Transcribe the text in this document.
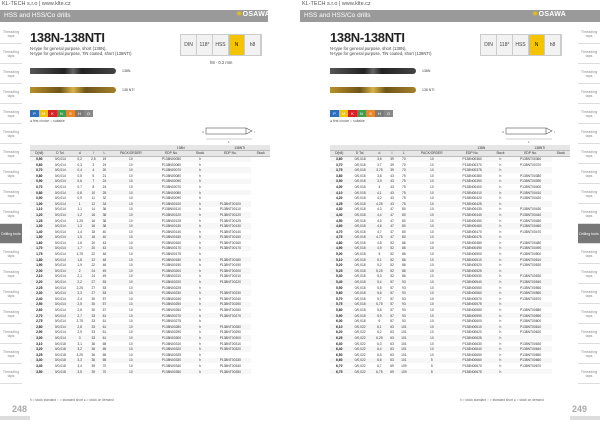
KL-TECH s.r.o | www.klte.cz
HSS and HSS/Co drills	☀OSAWA
Threading taps
Threading taps
Threading taps
Threading taps
Threading taps
Threading taps
Threading taps
Threading taps
Threading taps
Threading taps
Drilling tools
Threading taps
Threading taps
Threading taps
Threading taps
Threading taps
Threading taps
Threading taps
138N-138NTI
N-type for general purpose, short (138N),
N-type for general purpose, TiN coated, short (138NTI)
DIN	118°	HSS	N	h8
h8 · 0.2 mm
138N
138 NTI
P	M	K	N	S	H	O
● first choice ○ suitable
d
L
l
						138N		138NTI	
D(h8)	D Tol.	d	l	L	PACK/ORDER	EDP No.	Stock	EDP No.	Stock
0,50	0/0,014	0,2	2,5	19	10	P138N00050	h		
0,60	0/0,014	0,3	3	19	10	P138N00060	h		
0,70	0/0,014	0,4	4	20	10	P138N00070	h		
0,80	0/0,014	0,5	5	21	10	P138N00080	h		
0,90	0/0,014	0,6	7	24	10	P138N00090	h		
0,70	0/0,014	0,7	8	24	10	P138N00070	h		
0,80	0/0,014	0,8	10	25	10	P138N00080	h		
0,90	0/0,014	0,9	11	32	10	P138N00090	h		
1,00	0/0,014	1	12	34	10	P138N00100	h	P138NT00100	
1,10	0/0,014	1,1	14	36	10	P138N00110	h	P138NT00110	
1,20	0/0,014	1,2	16	38	10	P138N00120	h	P138NT00120	
1,25	0/0,014	1,25	16	38	10	P138N00125	h	P138NT00125	
1,30	0/0,014	1,3	16	38	10	P138N00130	h	P138NT00130	
1,40	0/0,014	1,4	18	40	10	P138N00140	h	P138NT00140	
1,50	0/0,014	1,5	18	40	10	P138N00150	h	P138NT00150	
1,60	0/0,014	1,6	20	43	10	P138N00160	h	P138NT00160	
1,70	0/0,014	1,7	20	43	10	P138N00170	h	P138NT00170	
1,75	0/0,014	1,75	22	46	10	P138N00175	h		
1,80	0/0,014	1,8	22	46	10	P138N00180	h	P138NT00180	
1,90	0/0,014	1,9	22	46	10	P138N00190	h	P138NT00190	
2,00	0/0,014	2	24	49	10	P138N00200	h	P138NT00200	
2,10	0/0,014	2,1	24	49	10	P138N00210	h	P138NT00210	
2,20	0/0,014	2,2	27	53	10	P138N00220	h	P138NT00220	
2,25	0/0,014	2,25	27	53	10	P138N00225	h		
2,30	0/0,014	2,3	27	53	10	P138N00230	h	P138NT00230	
2,40	0/0,014	2,4	30	57	10	P138N00240	h	P138NT00240	
2,50	0/0,014	2,5	30	57	10	P138N00250	h	P138NT00250	
2,60	0/0,014	2,6	30	57	10	P138N00260	h	P138NT00260	
2,70	0/0,014	2,7	33	61	10	P138N00270	h	P138NT00270	
2,75	0/0,014	2,75	33	61	10	P138N00275	h		
2,80	0/0,014	2,8	33	61	10	P138N00280	h	P138NT00280	
2,90	0/0,014	2,9	33	61	10	P138N00290	h	P138NT00290	
3,00	0/0,014	3	33	61	10	P138N00300	h	P138NT00300	
3,10	0/0,018	3,1	36	65	10	P138N00310	h	P138NT00310	
3,20	0/0,018	3,2	36	65	10	P138N00320	h	P138NT00320	
3,25	0/0,018	3,25	36	65	10	P138N00325	h		
3,30	0/0,018	3,3	36	65	10	P138N00330	h	P138NT00330	
3,40	0/0,018	3,4	39	70	10	P138N00340	h	P138NT00340	
3,50	0/0,018	3,5	39	70	10	P138N00350	h	P138NT00350	
h = stock standard ○ = standard short ● = stock on demand
248
KL-TECH s.r.o | www.klte.cz
HSS and HSS/Co drills	☀OSAWA
Threading taps
Threading taps
Threading taps
Threading taps
Threading taps
Threading taps
Threading taps
Threading taps
Threading taps
Threading taps
Drilling tools
Threading taps
Threading taps
Threading taps
Threading taps
Threading taps
Threading taps
Threading taps
138N-138NTI
N-type for general purpose, short (138N),
N-type for general purpose, TiN coated, short (138NTI)
DIN	118°	HSS	N	h8
138N
138 NTI
P	M	K	N	S	H	O
● first choice ○ suitable
d
L
l
						138N		138NTI	
D(h8)	D Tol.	d	l	L	PACK/ORDER	EDP No.	Stock	EDP No.	Stock
3,60	0/0,018	3,6	39	70	10	P138N00360	h	P138NT00360	
3,70	0/0,018	3,7	39	70	10	P138N00370	h	P138NT00370	
3,75	0/0,018	3,75	39	70	10	P138N00375	h		
3,80	0/0,018	3,8	43	75	10	P138N00380	h	P138NT00380	
3,90	0/0,018	3,9	43	75	10	P138N00390	h	P138NT00390	
4,00	0/0,018	4	43	75	10	P138N00400	h	P138NT00400	
4,10	0/0,018	4,1	43	75	10	P138N00410	h	P138NT00410	
4,20	0/0,018	4,2	43	75	10	P138N00420	h	P138NT00420	
4,25	0/0,018	4,25	43	75	10	P138N00425	h		
4,30	0/0,018	4,3	47	80	10	P138N00430	h	P138NT00430	
4,40	0/0,018	4,4	47	80	10	P138N00440	h	P138NT00440	
4,50	0/0,018	4,5	47	80	10	P138N00450	h	P138NT00450	
4,60	0/0,018	4,6	47	80	10	P138N00460	h	P138NT00460	
4,70	0/0,018	4,7	47	80	10	P138N00470	h	P138NT00470	
4,75	0/0,018	4,75	47	80	10	P138N00475	h		
4,80	0/0,018	4,8	52	86	10	P138N00480	h	P138NT00480	
4,90	0/0,018	4,9	52	86	10	P138N00490	h	P138NT00490	
5,00	0/0,018	5	52	86	10	P138N00500	h	P138NT00500	
5,10	0/0,018	5,1	52	86	10	P138N00510	h	P138NT00510	
5,20	0/0,018	5,2	52	86	10	P138N00520	h	P138NT00520	
5,25	0/0,018	5,25	52	86	10	P138N00525	h		
5,30	0/0,018	5,3	52	86	10	P138N00530	h	P138NT00530	
5,40	0/0,018	5,4	57	93	10	P138N00540	h	P138NT00540	
5,50	0/0,018	5,5	57	93	10	P138N00550	h	P138NT00550	
5,60	0/0,018	5,6	57	93	10	P138N00560	h	P138NT00560	
5,70	0/0,018	5,7	57	93	10	P138N00570	h	P138NT00570	
5,75	0/0,018	5,75	57	93	10	P138N00575	h		
5,80	0/0,018	5,8	57	93	10	P138N00580	h	P138NT00580	
5,90	0/0,018	5,9	57	93	10	P138N00590	h	P138NT00590	
6,00	0/0,018	6	57	93	10	P138N00600	h	P138NT00600	
6,10	0/0,022	6,1	63	101	10	P138N00610	h	P138NT00610	
6,20	0/0,022	6,2	63	101	10	P138N00620	h	P138NT00620	
6,25	0/0,022	6,25	63	101	10	P138N00625	h		
6,30	0/0,022	6,3	63	101	10	P138N00630	h	P138NT00630	
6,40	0/0,022	6,4	63	101	10	P138N00640	h	P138NT00640	
6,50	0/0,022	6,5	63	101	10	P138N00650	h	P138NT00650	
6,60	0/0,022	6,6	63	101	5	P138N00660	h	P138NT00660	
6,70	0/0,022	6,7	69	109	5	P138N00670	h	P138NT00670	
6,75	0/0,022	6,75	69	109	5	P138N00675	h		
h = stock standard ○ = standard short ● = stock on demand
249
